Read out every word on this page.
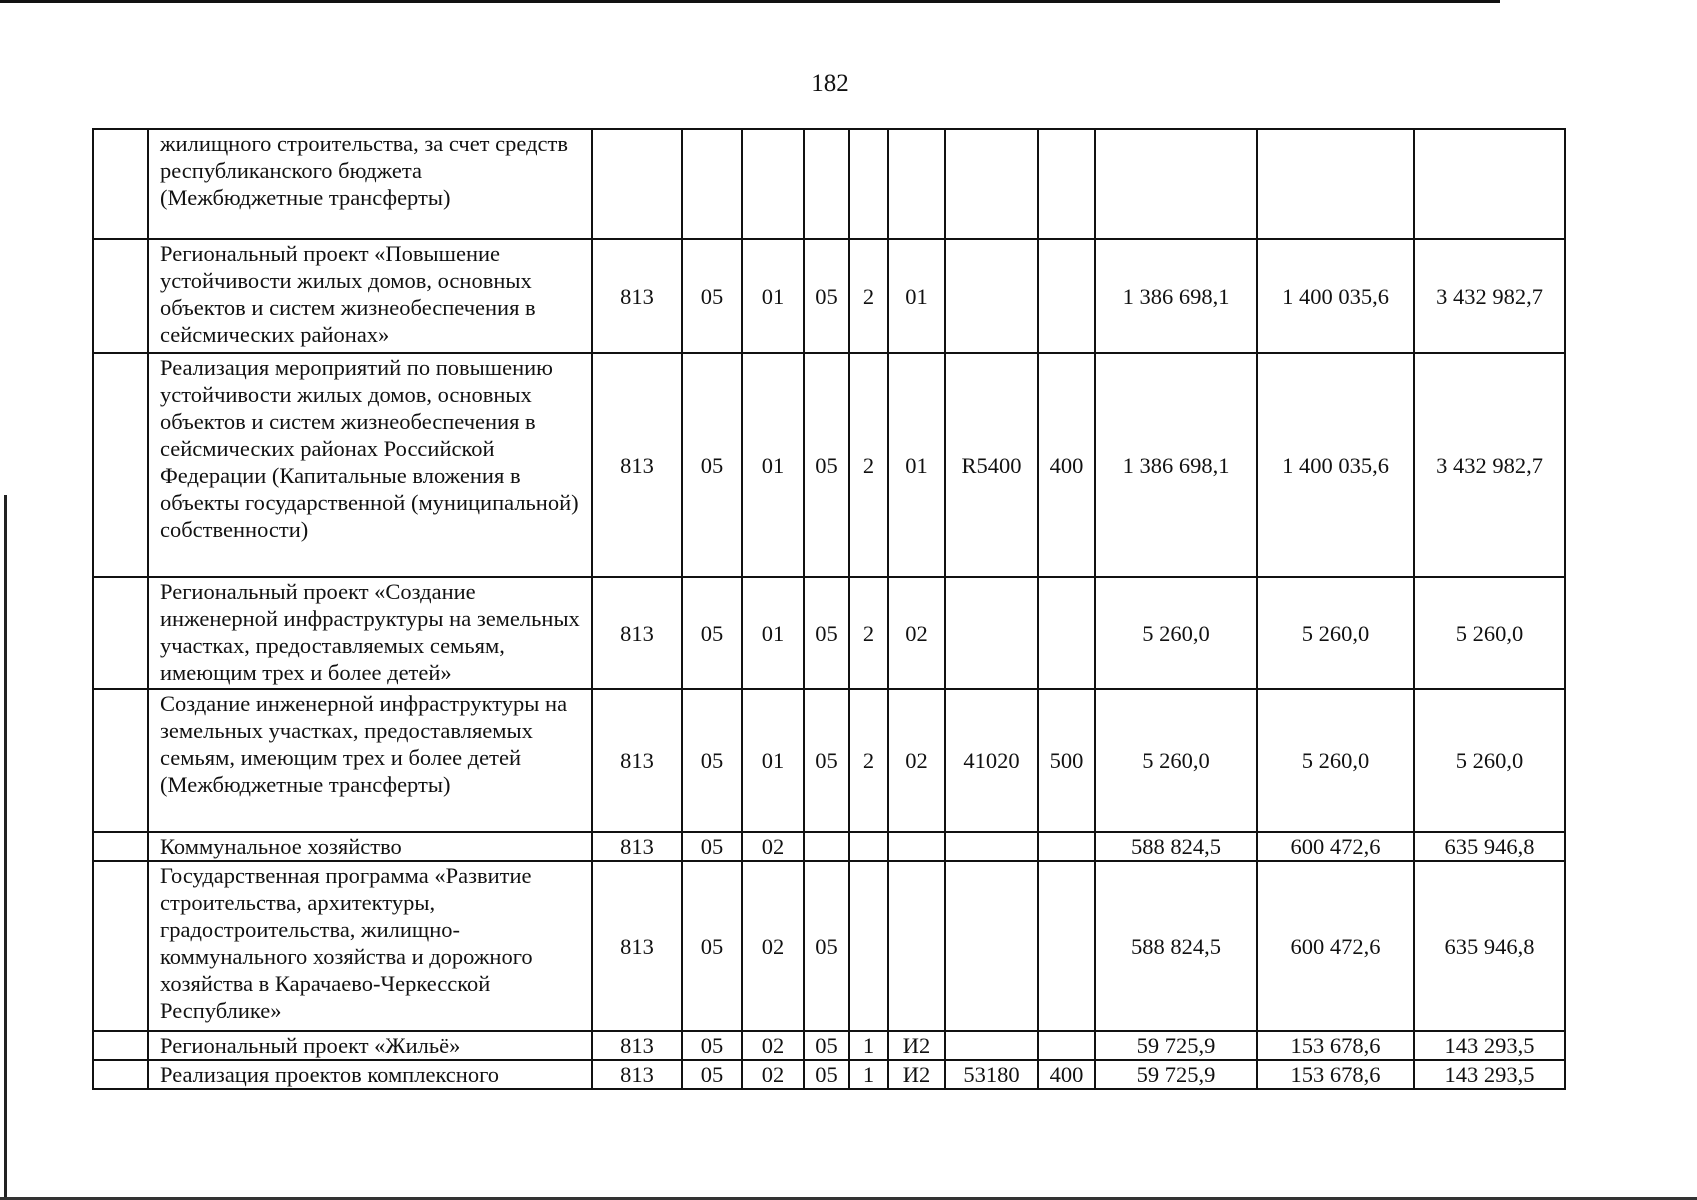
182
	жилищного строительства, за счет средств республиканского бюджета (Межбюджетные трансферты)											
	Региональный проект «Повышение устойчивости жилых домов, основных объектов и систем жизнеобеспечения в сейсмических районах»	813	05	01	05	2	01			1 386 698,1	1 400 035,6	3 432 982,7
	Реализация мероприятий по повышению устойчивости жилых домов, основных объектов и систем жизнеобеспечения в сейсмических районах Российской Федерации (Капитальные вложения в объекты государственной (муниципальной) собственности)	813	05	01	05	2	01	R5400	400	1 386 698,1	1 400 035,6	3 432 982,7
	Региональный проект «Создание инженерной инфраструктуры на земельных участках, предоставляемых семьям, имеющим трех и более детей»	813	05	01	05	2	02			5 260,0	5 260,0	5 260,0
	Создание инженерной инфраструктуры на земельных участках, предоставляемых семьям, имеющим трех и более детей (Межбюджетные трансферты)	813	05	01	05	2	02	41020	500	5 260,0	5 260,0	5 260,0
	Коммунальное хозяйство	813	05	02						588 824,5	600 472,6	635 946,8
	Государственная программа «Развитие строительства, архитектуры, градостроительства, жилищно-коммунального хозяйства и дорожного хозяйства в Карачаево-Черкесской Республике»	813	05	02	05					588 824,5	600 472,6	635 946,8
	Региональный проект «Жильё»	813	05	02	05	1	И2			59 725,9	153 678,6	143 293,5
	Реализация проектов комплексного	813	05	02	05	1	И2	53180	400	59 725,9	153 678,6	143 293,5
